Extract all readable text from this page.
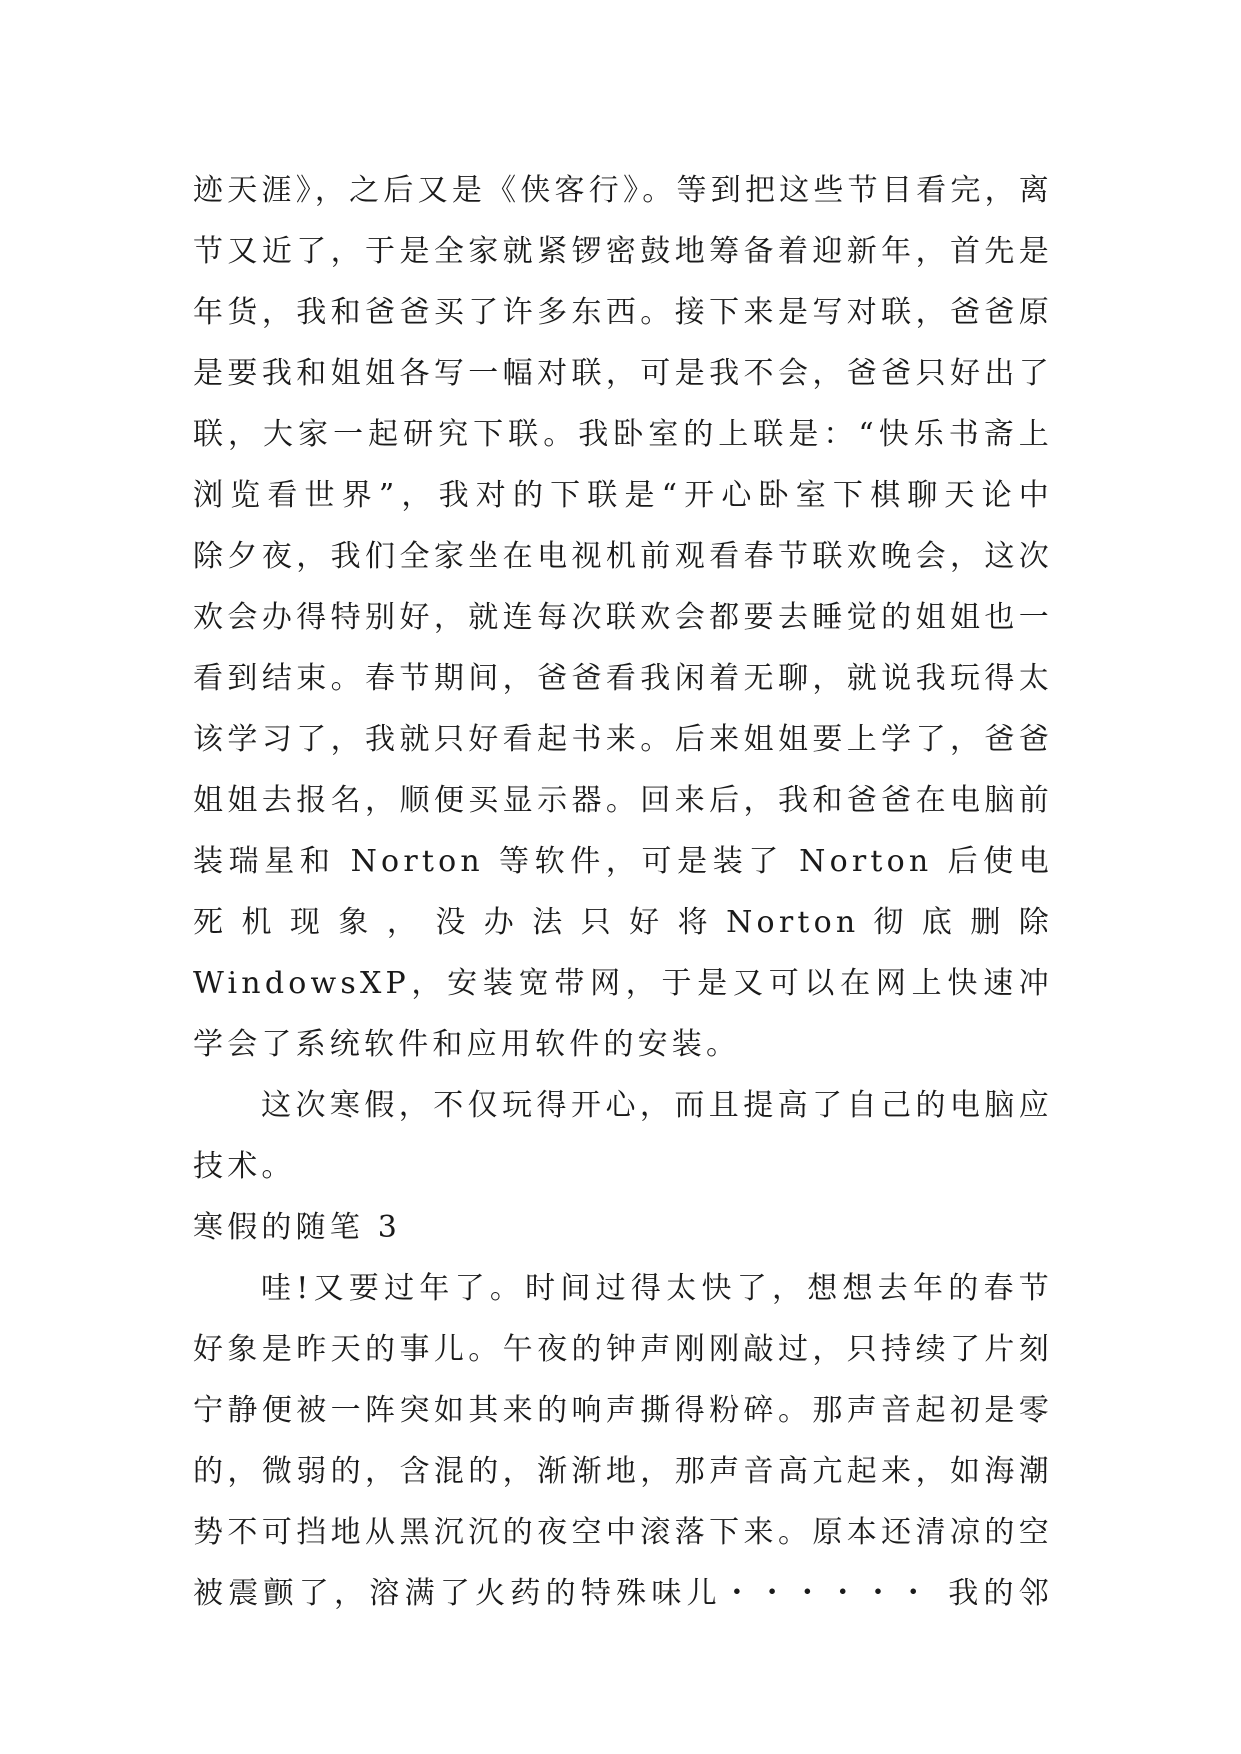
迹天涯》，之后又是《侠客行》。等到把这些节目看完，离
节又近了，于是全家就紧锣密鼓地筹备着迎新年，首先是
年货，我和爸爸买了许多东西。接下来是写对联，爸爸原
是要我和姐姐各写一幅对联，可是我不会，爸爸只好出了
联，大家一起研究下联。我卧室的上联是：“快乐书斋上
浏览看世界”，我对的下联是“开心卧室下棋聊天论中
除夕夜，我们全家坐在电视机前观看春节联欢晚会，这次
欢会办得特别好，就连每次联欢会都要去睡觉的姐姐也一
看到结束。春节期间，爸爸看我闲着无聊，就说我玩得太
该学习了，我就只好看起书来。后来姐姐要上学了，爸爸
姐姐去报名，顺便买显示器。回来后，我和爸爸在电脑前
装瑞星和 Norton 等软件，可是装了 Norton 后使电
死 机 现 象 ， 没 办 法 只 好 将 Norton 彻 底 删 除
WindowsXP，安装宽带网，于是又可以在网上快速冲
学会了系统软件和应用软件的安装。
这次寒假，不仅玩得开心，而且提高了自己的电脑应
技术。
寒假的随笔 3
哇!又要过年了。时间过得太快了，想想去年的春节
好象是昨天的事儿。午夜的钟声刚刚敲过，只持续了片刻
宁静便被一阵突如其来的响声撕得粉碎。那声音起初是零
的，微弱的，含混的，渐渐地，那声音高亢起来，如海潮
势不可挡地从黑沉沉的夜空中滚落下来。原本还清凉的空
被震颤了，溶满了火药的特殊味儿・・・・・・ 我的邻
